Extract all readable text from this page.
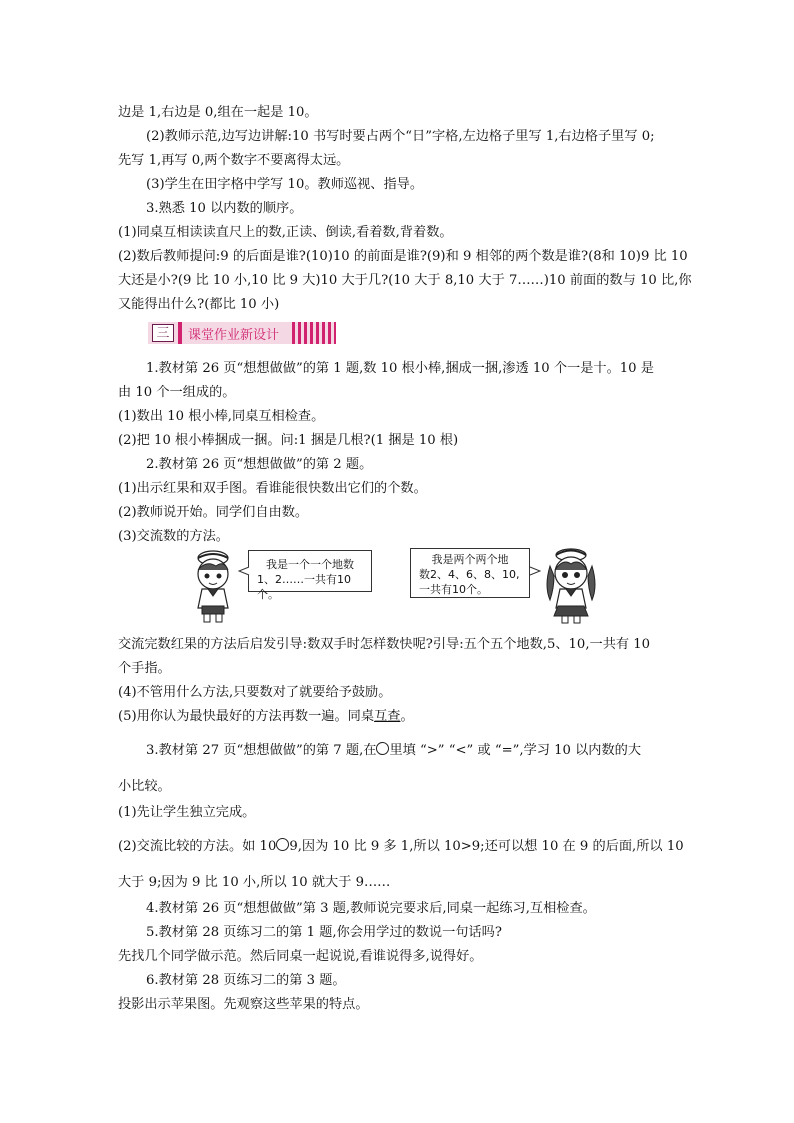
边是 1,右边是 0,组在一起是 10。
(2)教师示范,边写边讲解:10 书写时要占两个“日”字格,左边格子里写 1,右边格子里写 0;
先写 1,再写 0,两个数字不要离得太远。
(3)学生在田字格中学写 10。教师巡视、指导。
3.熟悉 10 以内数的顺序。
(1)同桌互相读读直尺上的数,正读、倒读,看着数,背着数。
(2)数后教师提问:9 的后面是谁?(10)10 的前面是谁?(9)和 9 相邻的两个数是谁?(8和 10)9 比 10
大还是小?(9 比 10 小,10 比 9 大)10 大于几?(10 大于 8,10 大于 7……)10 前面的数与 10 比,你
又能得出什么?(都比 10 小)
三	课堂作业新设计
1.教材第 26 页“想想做做”的第 1 题,数 10 根小棒,捆成一捆,渗透 10 个一是十。10 是
由 10 个一组成的。
(1)数出 10 根小棒,同桌互相检查。
(2)把 10 根小棒捆成一捆。问:1 捆是几根?(1 捆是 10 根)
2.教材第 26 页“想想做做”的第 2 题。
(1)出示红果和双手图。看谁能很快数出它们的个数。
(2)教师说开始。同学们自由数。
(3)交流数的方法。
我是一个一个地数
1、2……一共有10个。
我是两个两个地
数2、4、6、8、10,
一共有10个。
交流完数红果的方法后启发引导:数双手时怎样数快呢?引导:五个五个地数,5、10,一共有 10
个手指。
(4)不管用什么方法,只要数对了就要给予鼓励。
(5)用你认为最快最好的方法再数一遍。同桌互查。
3.教材第 27 页“想想做做”的第 7 题,在 里填 “>” “<” 或 “=”,学习 10 以内数的大
小比较。
(1)先让学生独立完成。
(2)交流比较的方法。如 10 9,因为 10 比 9 多 1,所以 10>9;还可以想 10 在 9 的后面,所以 10
大于 9;因为 9 比 10 小,所以 10 就大于 9……
4.教材第 26 页“想想做做”第 3 题,教师说完要求后,同桌一起练习,互相检查。
5.教材第 28 页练习二的第 1 题,你会用学过的数说一句话吗?
先找几个同学做示范。然后同桌一起说说,看谁说得多,说得好。
6.教材第 28 页练习二的第 3 题。
投影出示苹果图。先观察这些苹果的特点。
